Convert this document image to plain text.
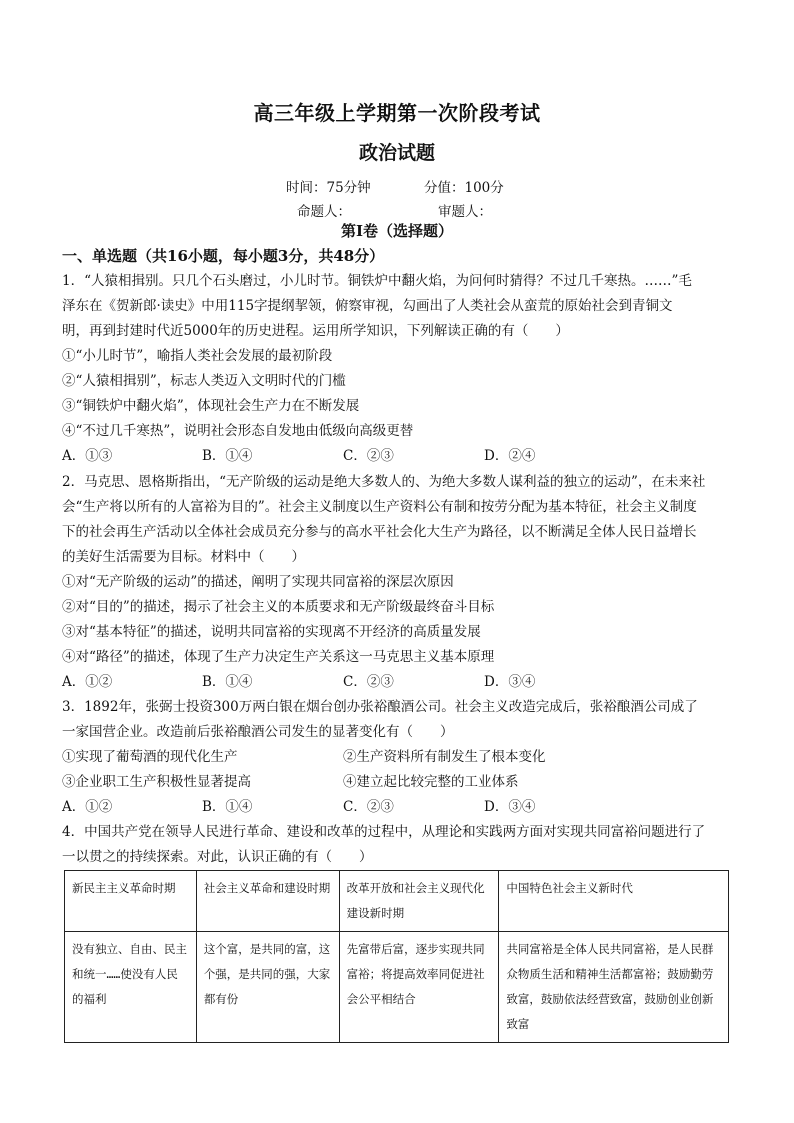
高三年级上学期第一次阶段考试
政治试题
时间：75分钟	分值：100分
命题人：	审题人：
第Ⅰ卷（选择题）
一、单选题（共16小题，每小题3分，共48分）
1．“人猿相揖别。只几个石头磨过，小儿时节。铜铁炉中翻火焰，为问何时猜得？不过几千寒热。……”毛
泽东在《贺新郎·读史》中用115字提纲挈领，俯察审视，勾画出了人类社会从蛮荒的原始社会到青铜文
明，再到封建时代近5000年的历史进程。运用所学知识，下列解读正确的有（　　）
①“小儿时节”，喻指人类社会发展的最初阶段
②“人猿相揖别”，标志人类迈入文明时代的门槛
③“铜铁炉中翻火焰”，体现社会生产力在不断发展
④“不过几千寒热”，说明社会形态自发地由低级向高级更替
A．①③	B．①④	C．②③	D．②④
2．马克思、恩格斯指出，“无产阶级的运动是绝大多数人的、为绝大多数人谋利益的独立的运动”，在未来社
会“生产将以所有的人富裕为目的”。社会主义制度以生产资料公有制和按劳分配为基本特征，社会主义制度
下的社会再生产活动以全体社会成员充分参与的高水平社会化大生产为路径，以不断满足全体人民日益增长
的美好生活需要为目标。材料中（　　）
①对“无产阶级的运动”的描述，阐明了实现共同富裕的深层次原因
②对“目的”的描述，揭示了社会主义的本质要求和无产阶级最终奋斗目标
③对“基本特征”的描述，说明共同富裕的实现离不开经济的高质量发展
④对“路径”的描述，体现了生产力决定生产关系这一马克思主义基本原理
A．①②	B．①④	C．②③	D．③④
3．1892年，张弼士投资300万两白银在烟台创办张裕酿酒公司。社会主义改造完成后，张裕酿酒公司成了
一家国营企业。改造前后张裕酿酒公司发生的显著变化有（　　）
①实现了葡萄酒的现代化生产	②生产资料所有制发生了根本变化
③企业职工生产积极性显著提高	④建立起比较完整的工业体系
A．①②	B．①④	C．②③	D．③④
4．中国共产党在领导人民进行革命、建设和改革的过程中，从理论和实践两方面对实现共同富裕问题进行了
一以贯之的持续探索。对此，认识正确的有（　　）
新民主主义革命时期	社会主义革命和建设时期	改革开放和社会主义现代化建设新时期	中国特色社会主义新时代

没有独立、自由、民主和统一……使没有人民的福利	这个富，是共同的富，这个强，是共同的强，大家都有份	先富带后富，逐步实现共同富裕；将提高效率同促进社会公平相结合	共同富裕是全体人民共同富裕，是人民群众物质生活和精神生活都富裕；鼓励勤劳致富，鼓励依法经营致富，鼓励创业创新致富
